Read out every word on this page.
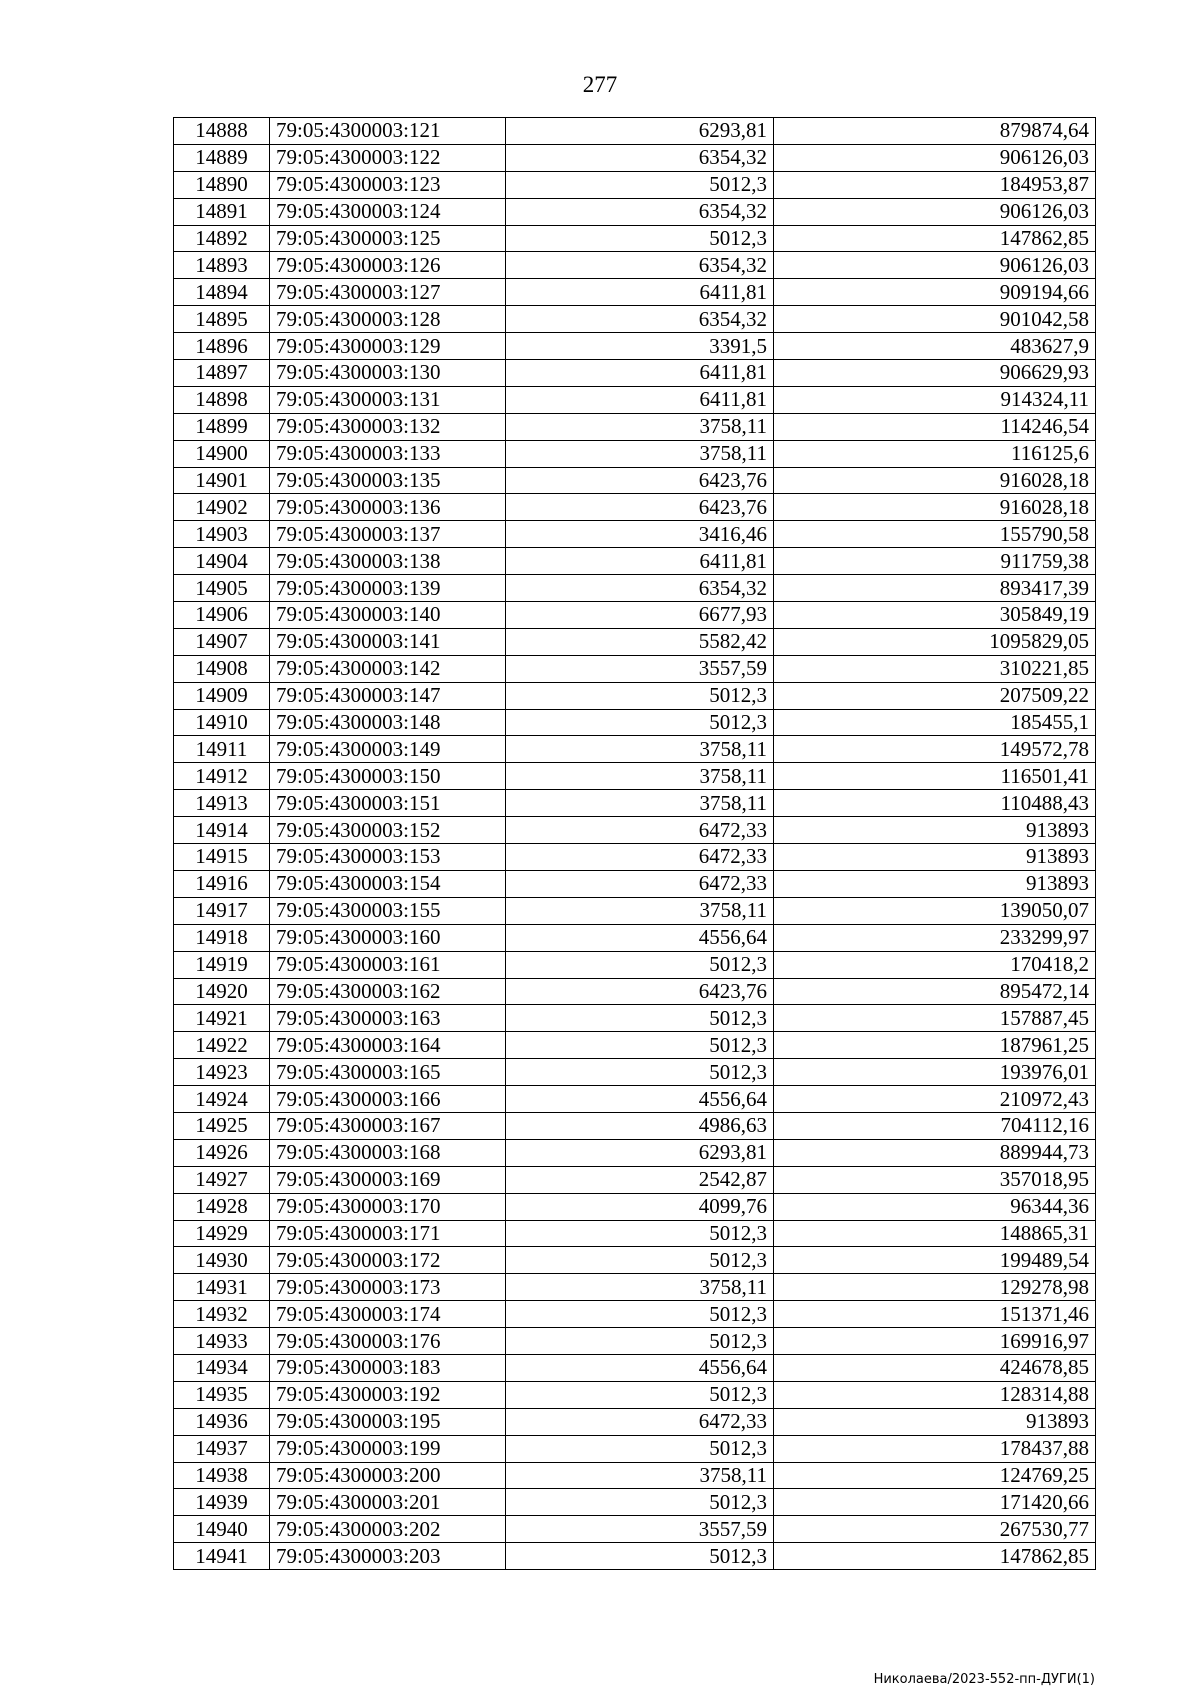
277
14888	79:05:4300003:121	6293,81	879874,64
14889	79:05:4300003:122	6354,32	906126,03
14890	79:05:4300003:123	5012,3	184953,87
14891	79:05:4300003:124	6354,32	906126,03
14892	79:05:4300003:125	5012,3	147862,85
14893	79:05:4300003:126	6354,32	906126,03
14894	79:05:4300003:127	6411,81	909194,66
14895	79:05:4300003:128	6354,32	901042,58
14896	79:05:4300003:129	3391,5	483627,9
14897	79:05:4300003:130	6411,81	906629,93
14898	79:05:4300003:131	6411,81	914324,11
14899	79:05:4300003:132	3758,11	114246,54
14900	79:05:4300003:133	3758,11	116125,6
14901	79:05:4300003:135	6423,76	916028,18
14902	79:05:4300003:136	6423,76	916028,18
14903	79:05:4300003:137	3416,46	155790,58
14904	79:05:4300003:138	6411,81	911759,38
14905	79:05:4300003:139	6354,32	893417,39
14906	79:05:4300003:140	6677,93	305849,19
14907	79:05:4300003:141	5582,42	1095829,05
14908	79:05:4300003:142	3557,59	310221,85
14909	79:05:4300003:147	5012,3	207509,22
14910	79:05:4300003:148	5012,3	185455,1
14911	79:05:4300003:149	3758,11	149572,78
14912	79:05:4300003:150	3758,11	116501,41
14913	79:05:4300003:151	3758,11	110488,43
14914	79:05:4300003:152	6472,33	913893
14915	79:05:4300003:153	6472,33	913893
14916	79:05:4300003:154	6472,33	913893
14917	79:05:4300003:155	3758,11	139050,07
14918	79:05:4300003:160	4556,64	233299,97
14919	79:05:4300003:161	5012,3	170418,2
14920	79:05:4300003:162	6423,76	895472,14
14921	79:05:4300003:163	5012,3	157887,45
14922	79:05:4300003:164	5012,3	187961,25
14923	79:05:4300003:165	5012,3	193976,01
14924	79:05:4300003:166	4556,64	210972,43
14925	79:05:4300003:167	4986,63	704112,16
14926	79:05:4300003:168	6293,81	889944,73
14927	79:05:4300003:169	2542,87	357018,95
14928	79:05:4300003:170	4099,76	96344,36
14929	79:05:4300003:171	5012,3	148865,31
14930	79:05:4300003:172	5012,3	199489,54
14931	79:05:4300003:173	3758,11	129278,98
14932	79:05:4300003:174	5012,3	151371,46
14933	79:05:4300003:176	5012,3	169916,97
14934	79:05:4300003:183	4556,64	424678,85
14935	79:05:4300003:192	5012,3	128314,88
14936	79:05:4300003:195	6472,33	913893
14937	79:05:4300003:199	5012,3	178437,88
14938	79:05:4300003:200	3758,11	124769,25
14939	79:05:4300003:201	5012,3	171420,66
14940	79:05:4300003:202	3557,59	267530,77
14941	79:05:4300003:203	5012,3	147862,85
Николаева/2023-552-пп-ДУГИ(1)
